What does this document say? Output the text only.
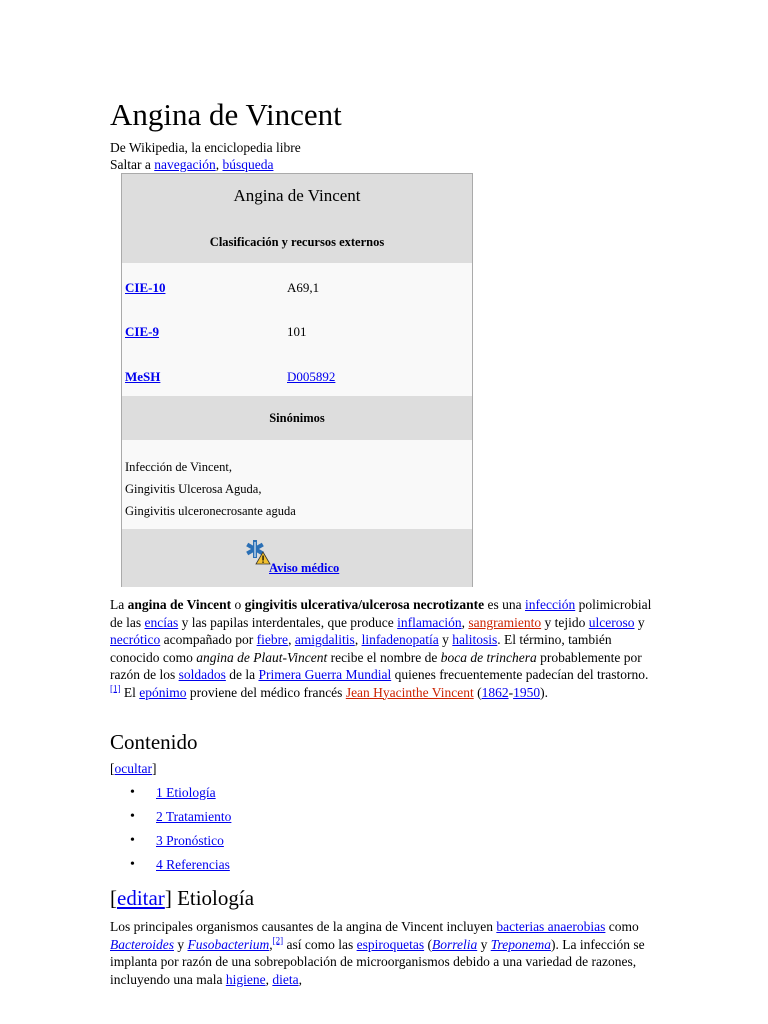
Angina de Vincent
De Wikipedia, la enciclopedia libre
Saltar a navegación, búsqueda
Angina de Vincent
Clasificación y recursos externos
CIE-10	A69,1
CIE-9	101
MeSH	D005892
Sinónimos
Infección de Vincent,
Gingivitis Ulcerosa Aguda,
Gingivitis ulceronecrosante aguda
Aviso médico

La angina de Vincent o gingivitis ulcerativa/ulcerosa necrotizante es una infección polimicrobial de las encías y las papilas interdentales, que produce inflamación, sangramiento y tejido ulceroso y necrótico acompañado por fiebre, amigdalitis, linfadenopatía y halitosis. El término, también conocido como angina de Plaut-Vincent recibe el nombre de boca de trinchera probablemente por razón de los soldados de la Primera Guerra Mundial quienes frecuentemente padecían del trastorno.[1] El epónimo proviene del médico francés Jean Hyacinthe Vincent (1862-1950).

Contenido
[ocultar]
• 1 Etiología
• 2 Tratamiento
• 3 Pronóstico
• 4 Referencias
[editar] Etiología

Los principales organismos causantes de la angina de Vincent incluyen bacterias anaerobias como Bacteroides y Fusobacterium,[2] así como las espiroquetas (Borrelia y Treponema). La infección se implanta por razón de una sobrepoblación de microorganismos debido a una variedad de razones, incluyendo una mala higiene, dieta,
